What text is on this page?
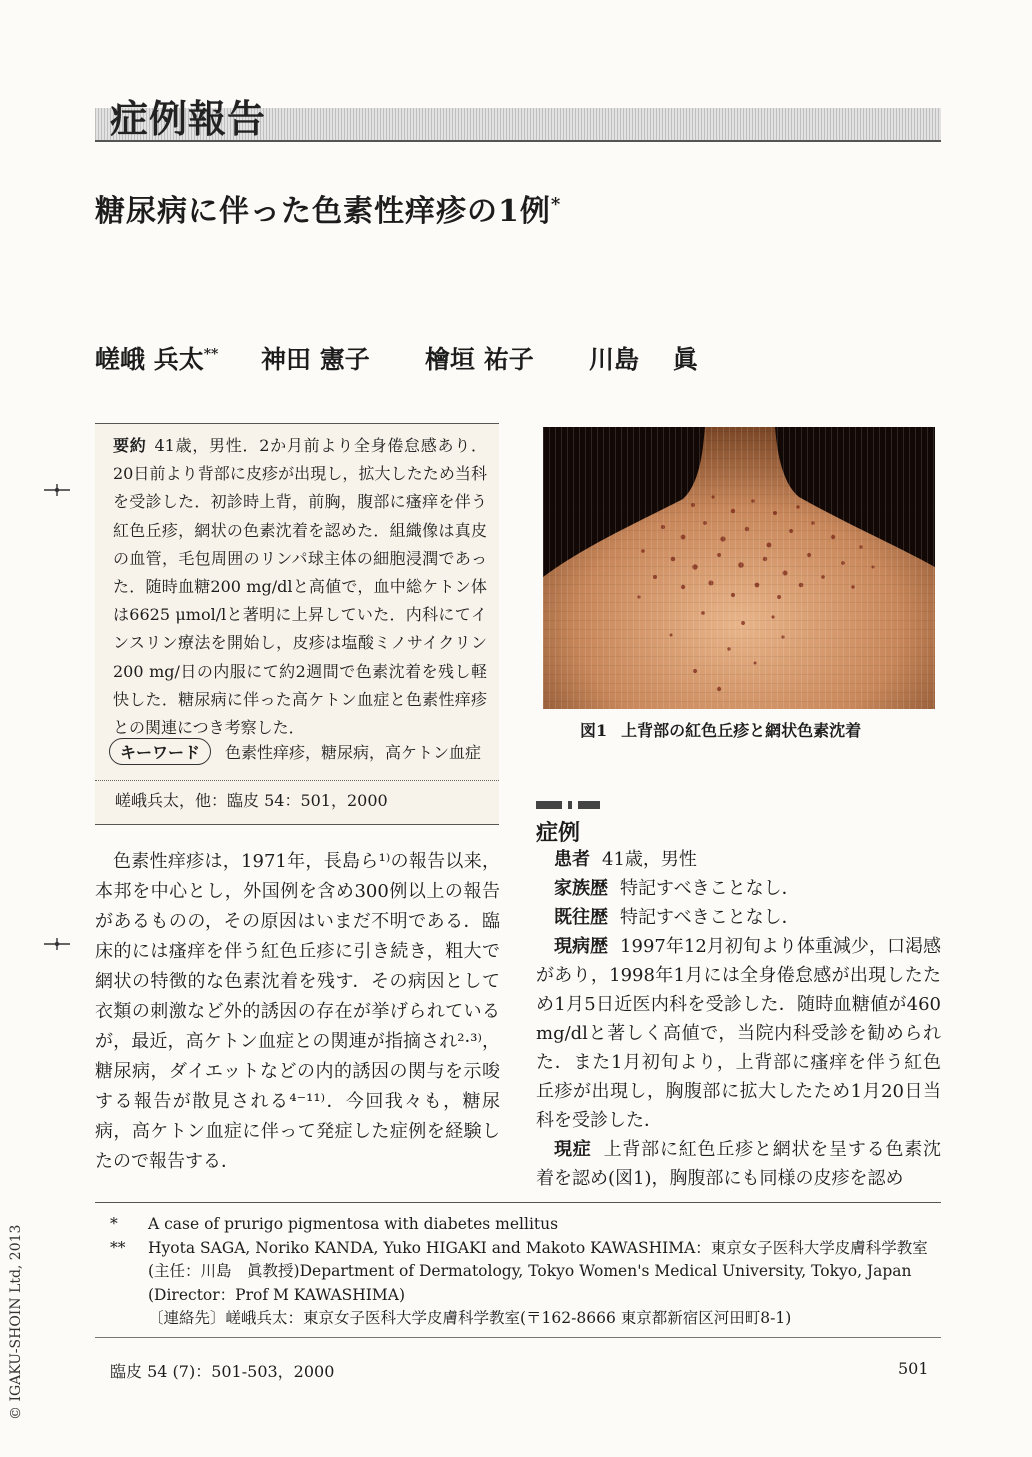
症例報告
糖尿病に伴った色素性痒疹の1例*
嵯峨 兵太** 神田 憲子 檜垣 祐子 川島　 眞
要約 41歳，男性．2か月前より全身倦怠感あり．20日前より背部に皮疹が出現し，拡大したため当科を受診した．初診時上背，前胸，腹部に瘙痒を伴う紅色丘疹，網状の色素沈着を認めた．組織像は真皮の血管，毛包周囲のリンパ球主体の細胞浸潤であった．随時血糖200 mg/dlと高値で，血中総ケトン体は6625 μmol/lと著明に上昇していた．内科にてインスリン療法を開始し，皮疹は塩酸ミノサイクリン200 mg/日の内服にて約2週間で色素沈着を残し軽快した．糖尿病に伴った高ケトン血症と色素性痒疹との関連につき考察した．
キーワード 色素性痒疹，糖尿病，高ケトン血症
嵯峨兵太，他：臨皮 54：501，2000
図1 上背部の紅色丘疹と網状色素沈着
色素性痒疹は，1971年，長島ら¹⁾の報告以来，本邦を中心とし，外国例を含め300例以上の報告があるものの，その原因はいまだ不明である．臨床的には瘙痒を伴う紅色丘疹に引き続き，粗大で網状の特徴的な色素沈着を残す．その病因として衣類の刺激など外的誘因の存在が挙げられているが，最近，高ケトン血症との関連が指摘され²·³⁾，糖尿病，ダイエットなどの内的誘因の関与を示唆する報告が散見される⁴⁻¹¹⁾．今回我々も，糖尿病，高ケトン血症に伴って発症した症例を経験したので報告する．
症例
患者 41歳，男性
家族歴 特記すべきことなし．
既往歴 特記すべきことなし．
現病歴 1997年12月初旬より体重減少，口渇感があり，1998年1月には全身倦怠感が出現したため1月5日近医内科を受診した．随時血糖値が460 mg/dlと著しく高値で，当院内科受診を勧められた．また1月初旬より，上背部に瘙痒を伴う紅色丘疹が出現し，胸腹部に拡大したため1月20日当科を受診した．
現症 上背部に紅色丘疹と網状を呈する色素沈着を認め(図1)，胸腹部にも同様の皮疹を認め
* A case of prurigo pigmentosa with diabetes mellitus
** Hyota SAGA, Noriko KANDA, Yuko HIGAKI and Makoto KAWASHIMA：東京女子医科大学皮膚科学教室(主任：川島　眞教授)Department of Dermatology, Tokyo Women's Medical University, Tokyo, Japan (Director：Prof M KAWASHIMA)
〔連絡先〕嵯峨兵太：東京女子医科大学皮膚科学教室(〒162-8666 東京都新宿区河田町8-1)
臨皮 54 (7)：501-503，2000	501
© IGAKU-SHOIN Ltd, 2013
